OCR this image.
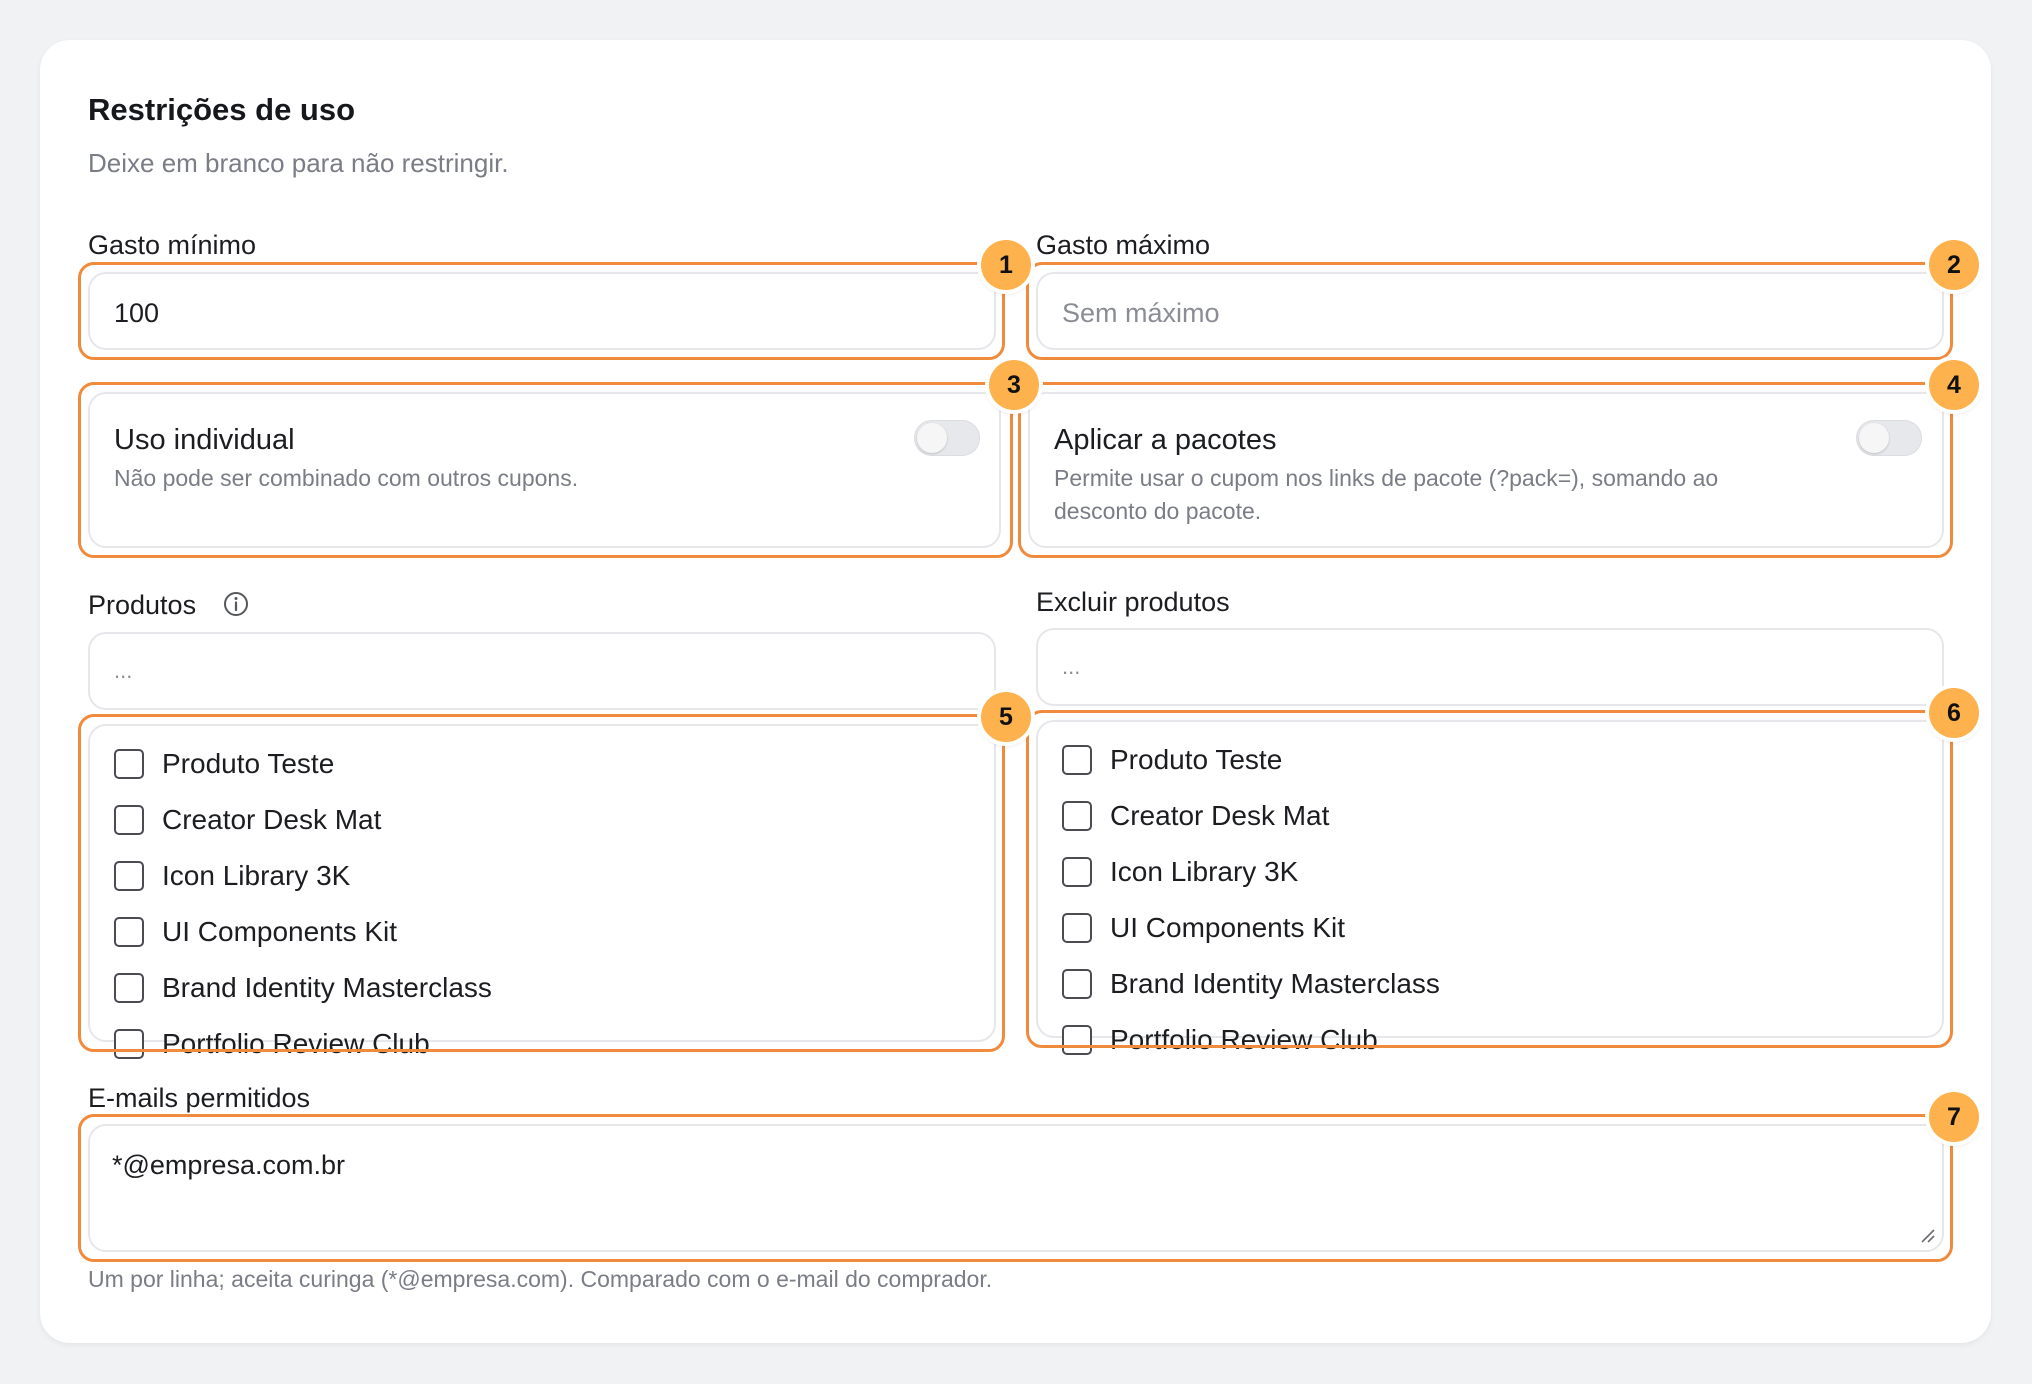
Restrições de uso
Deixe em branco para não restringir.
Gasto mínimo
100
Gasto máximo
Sem máximo
Uso individual
Não pode ser combinado com outros cupons.
Aplicar a pacotes
Permite usar o cupom nos links de pacote (?pack=), somando ao
desconto do pacote.
Produtos
...
Produto Teste
Creator Desk Mat
Icon Library 3K
UI Components Kit
Brand Identity Masterclass
Portfolio Review Club
Excluir produtos
...
Produto Teste
Creator Desk Mat
Icon Library 3K
UI Components Kit
Brand Identity Masterclass
Portfolio Review Club
E-mails permitidos
*@empresa.com.br
Um por linha; aceita curinga (*@empresa.com). Comparado com o e-mail do comprador.
1	2
3	4
5	6
7
